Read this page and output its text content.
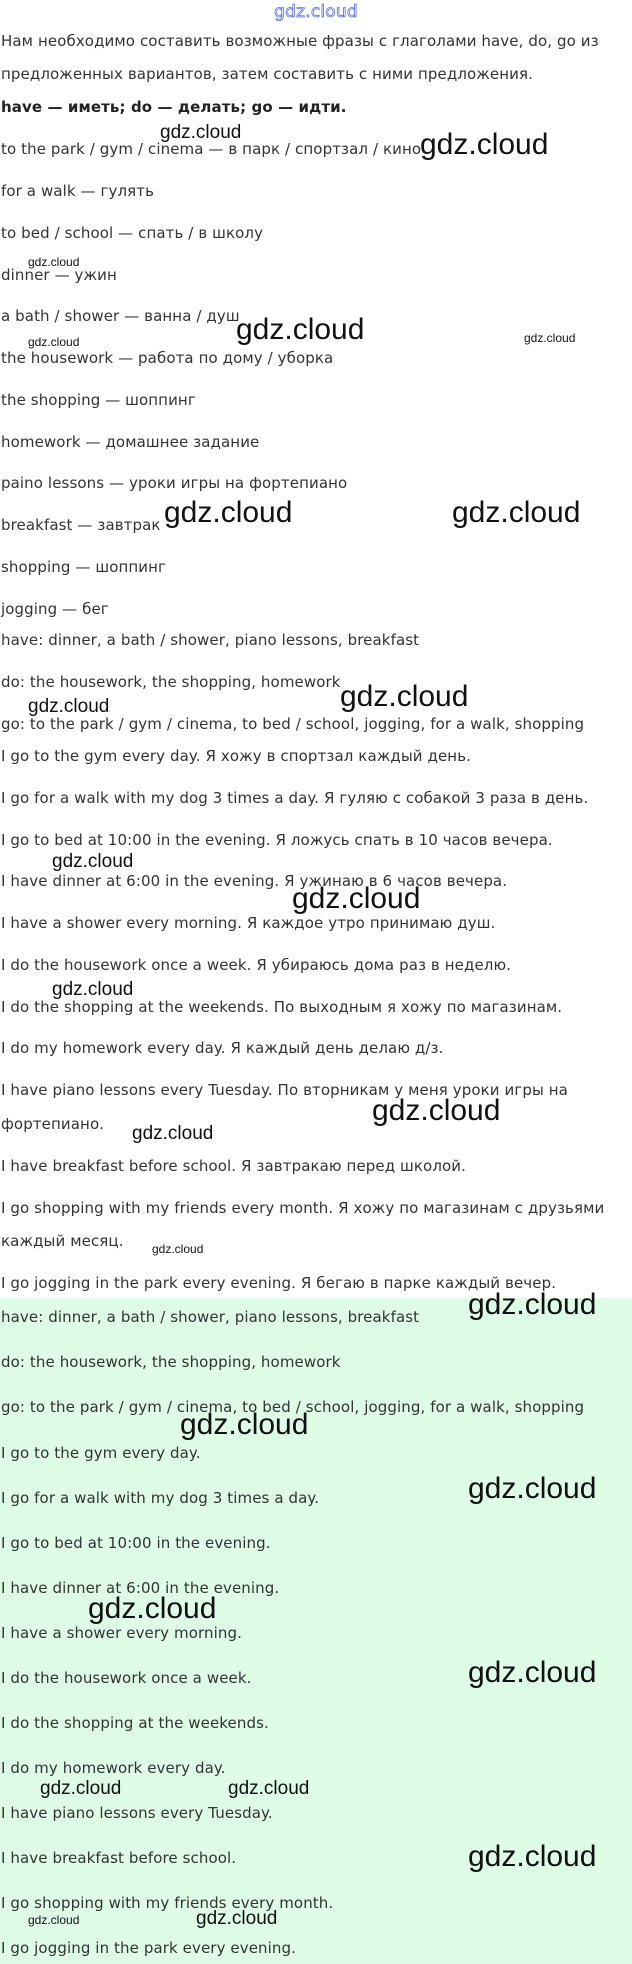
gdz.cloud
Нам необходимо составить возможные фразы с глаголами have, do, go из
предложенных вариантов, затем составить с ними предложения.
have — иметь; do — делать; go — идти.
to the park / gym / cinema — в парк / спортзал / кино
for a walk — гулять
to bed / school — спать / в школу
dinner — ужин
a bath / shower — ванна / душ
the housework — работа по дому / уборка
the shopping — шоппинг
homework — домашнее задание
paino lessons — уроки игры на фортепиано
breakfast — завтрак
shopping — шоппинг
jogging — бег
have: dinner, a bath / shower, piano lessons, breakfast
do: the housework, the shopping, homework
go: to the park / gym / cinema, to bed / school, jogging, for a walk, shopping
I go to the gym every day. Я хожу в спортзал каждый день.
I go for a walk with my dog 3 times a day. Я гуляю с собакой 3 раза в день.
I go to bed at 10:00 in the evening. Я ложусь спать в 10 часов вечера.
I have dinner at 6:00 in the evening. Я ужинаю в 6 часов вечера.
I have a shower every morning. Я каждое утро принимаю душ.
I do the housework once a week. Я убираюсь дома раз в неделю.
I do the shopping at the weekends. По выходным я хожу по магазинам.
I do my homework every day. Я каждый день делаю д/з.
I have piano lessons every Tuesday. По вторникам у меня уроки игры на
фортепиано.
I have breakfast before school. Я завтракаю перед школой.
I go shopping with my friends every month. Я хожу по магазинам с друзьями
каждый месяц.
I go jogging in the park every evening. Я бегаю в парке каждый вечер.
have: dinner, a bath / shower, piano lessons, breakfast
do: the housework, the shopping, homework
go: to the park / gym / cinema, to bed / school, jogging, for a walk, shopping
I go to the gym every day.
I go for a walk with my dog 3 times a day.
I go to bed at 10:00 in the evening.
I have dinner at 6:00 in the evening.
I have a shower every morning.
I do the housework once a week.
I do the shopping at the weekends.
I do my homework every day.
I have piano lessons every Tuesday.
I have breakfast before school.
I go shopping with my friends every month.
I go jogging in the park every evening.
gdz.cloud	gdz.cloud
gdz.cloud
gdz.cloud	gdz.cloud
gdz.cloud
gdz.cloud	gdz.cloud
gdz.cloud
gdz.cloud
gdz.cloud
gdz.cloud
gdz.cloud
gdz.cloud
gdz.cloud
gdz.cloud
gdz.cloud
gdz.cloud
gdz.cloud
gdz.cloud
gdz.cloud
gdz.cloud	gdz.cloud
gdz.cloud
gdz.cloud	gdz.cloud
